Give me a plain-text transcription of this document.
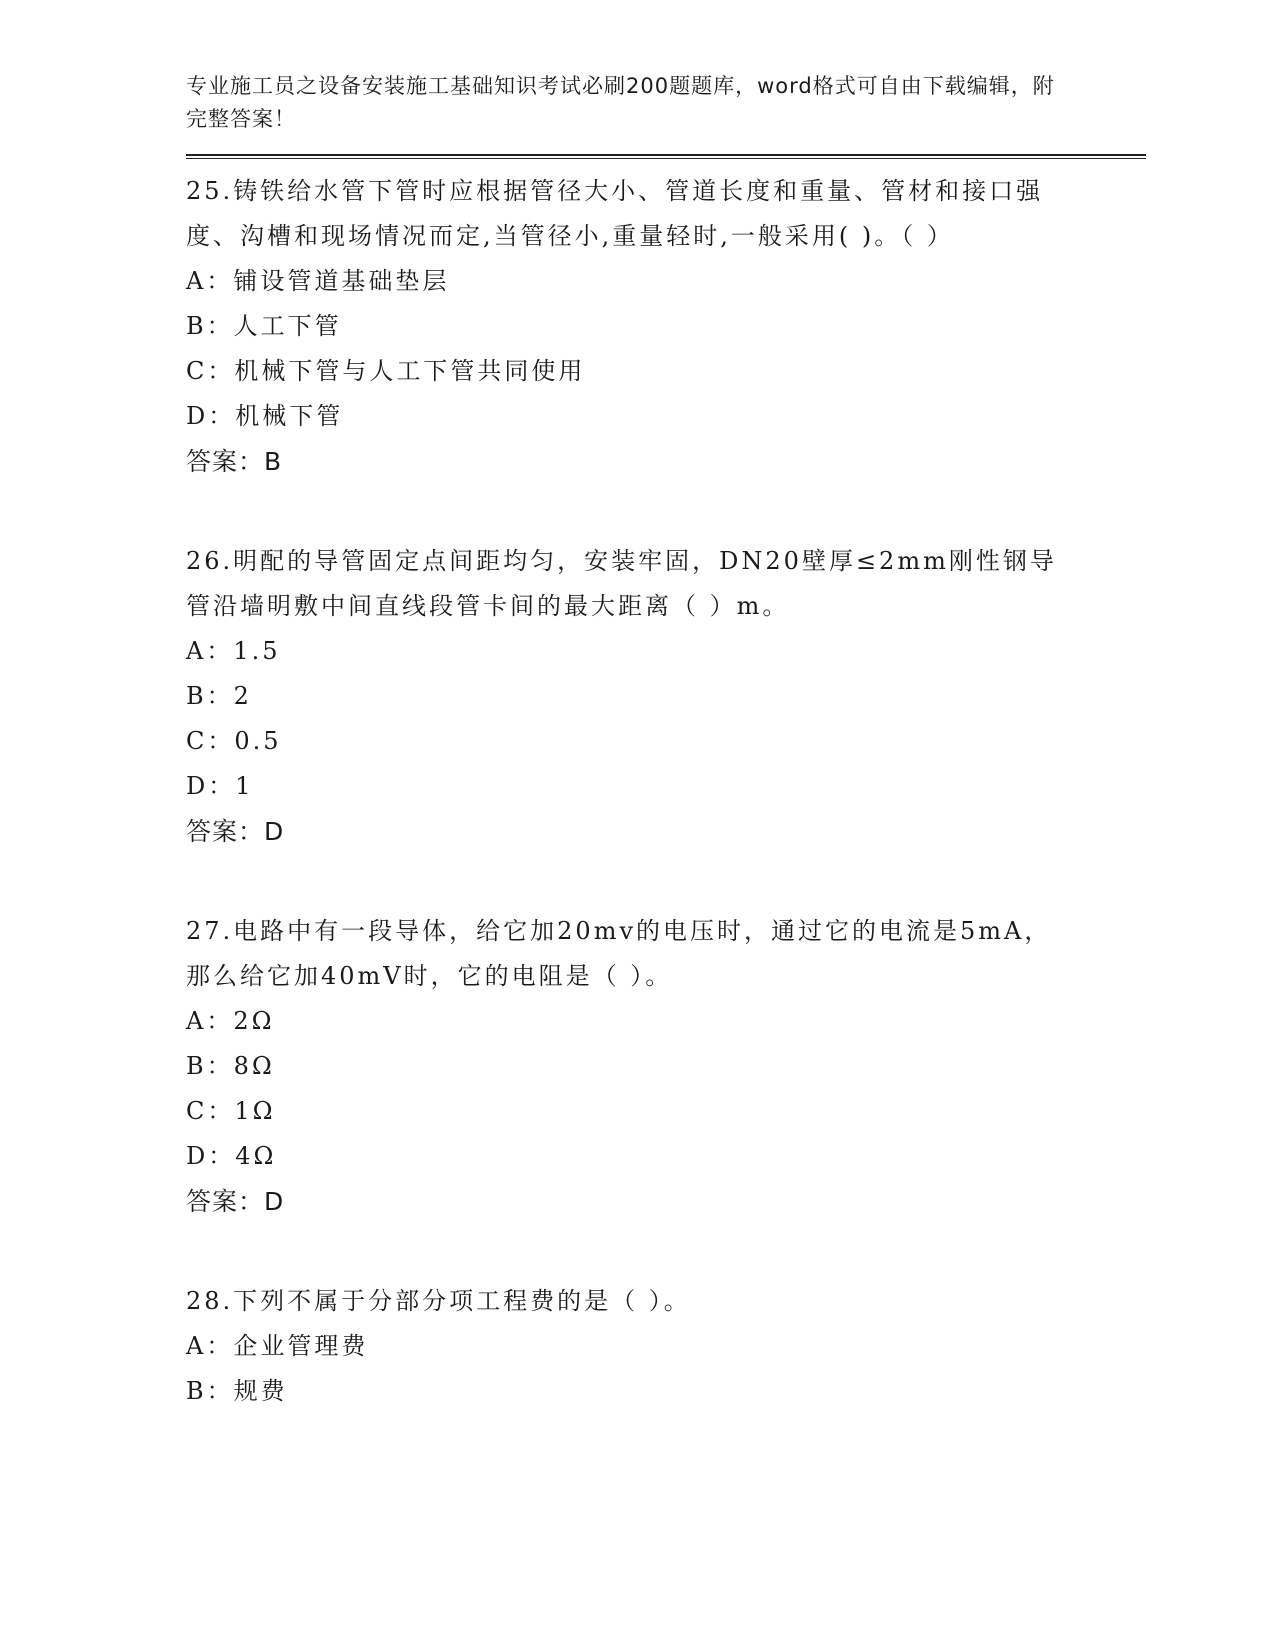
专业施工员之设备安装施工基础知识考试必刷200题题库，word格式可自由下载编辑，附完整答案！

25.铸铁给水管下管时应根据管径大小、管道长度和重量、管材和接口强度、沟槽和现场情况而定,当管径小,重量轻时,一般采用( )。（ ）

A：铺设管道基础垫层

B：人工下管

C：机械下管与人工下管共同使用

D：机械下管

答案：B

26.明配的导管固定点间距均匀，安装牢固，DN20壁厚≤2mm刚性钢导管沿墙明敷中间直线段管卡间的最大距离（ ）m。

A：1.5

B：2

C：0.5

D：1

答案：D

27.电路中有一段导体，给它加20mv的电压时，通过它的电流是5mA，那么给它加40mV时，它的电阻是（ ）。

A：2Ω

B：8Ω

C：1Ω

D：4Ω

答案：D

28.下列不属于分部分项工程费的是（ ）。

A：企业管理费

B：规费
